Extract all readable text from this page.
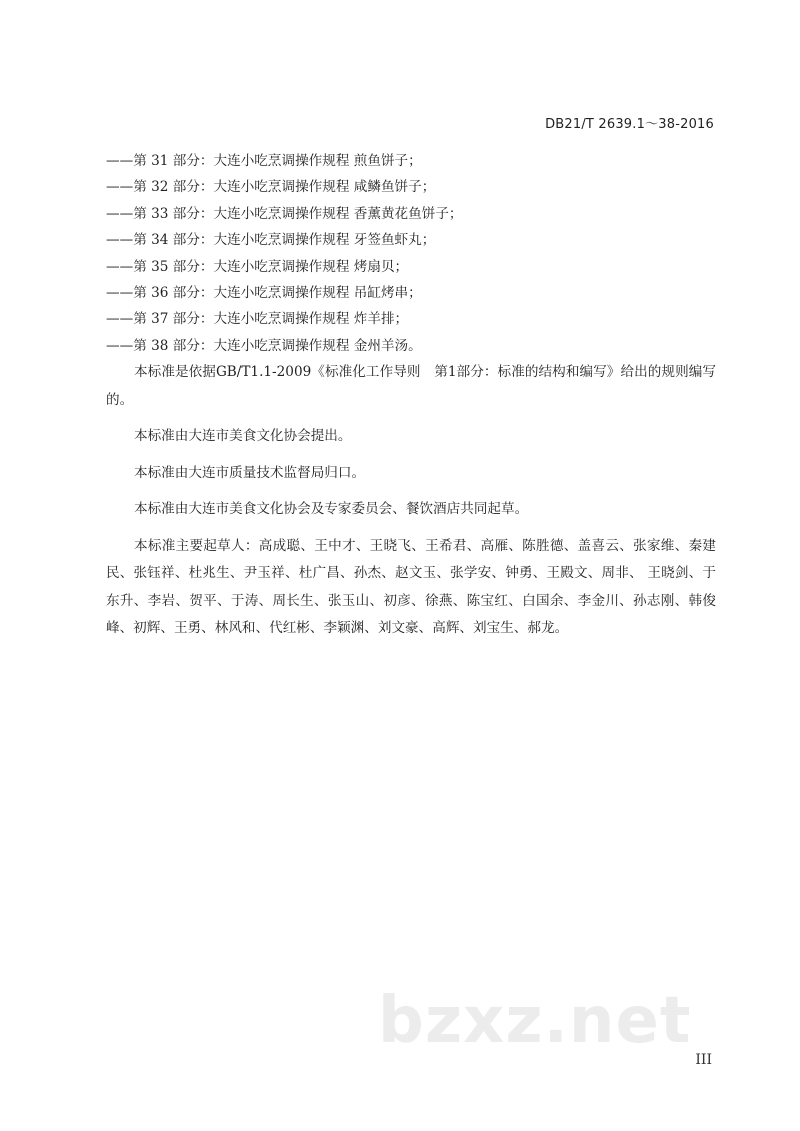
DB21/T 2639.1～38-2016
——第 31 部分：大连小吃烹调操作规程 煎鱼饼子；
——第 32 部分：大连小吃烹调操作规程 咸鳞鱼饼子；
——第 33 部分：大连小吃烹调操作规程 香薰黄花鱼饼子；
——第 34 部分：大连小吃烹调操作规程 牙签鱼虾丸；
——第 35 部分：大连小吃烹调操作规程 烤扇贝；
——第 36 部分：大连小吃烹调操作规程 吊缸烤串；
——第 37 部分：大连小吃烹调操作规程 炸羊排；
——第 38 部分：大连小吃烹调操作规程 金州羊汤。

本标准是依据GB/T1.1-2009《标准化工作导则　第1部分：标准的结构和编写》给出的规则编写的。

本标准由大连市美食文化协会提出。

本标准由大连市质量技术监督局归口。

本标准由大连市美食文化协会及专家委员会、餐饮酒店共同起草。

本标准主要起草人：高成聪、王中才、王晓飞、王希君、高雁、陈胜德、盖喜云、张家维、秦建民、张钰祥、杜兆生、尹玉祥、杜广昌、孙杰、赵文玉、张学安、钟勇、王殿文、周非、 王晓剑、于东升、李岩、贺平、于涛、周长生、张玉山、初彦、徐燕、陈宝红、白国余、李金川、孙志刚、韩俊峰、初辉、王勇、林风和、代红彬、李颖渊、刘文豪、高辉、刘宝生、郝龙。

bzxz.net
III
